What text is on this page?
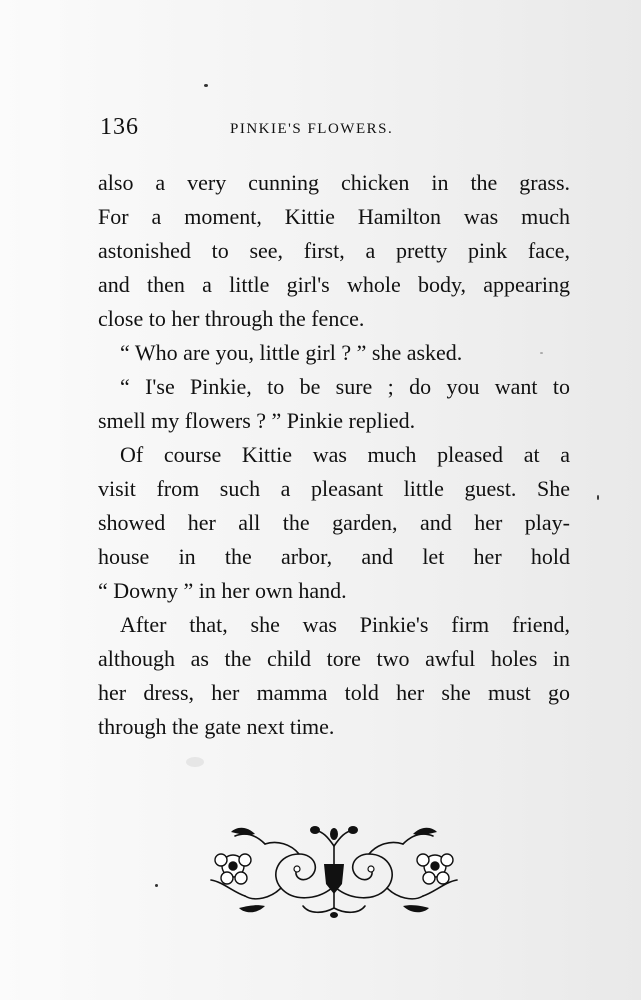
136	PINKIE'S FLOWERS.
also a very cunning chicken in the grass.
For a moment, Kittie Hamilton was much
astonished to see, first, a pretty pink face,
and then a little girl's whole body, appearing
close to her through the fence.
“ Who are you, little girl ? ” she asked.
“ I'se Pinkie, to be sure ; do you want to
smell my flowers ? ” Pinkie replied.
Of course Kittie was much pleased at a
visit from such a pleasant little guest. She
showed her all the garden, and her play-
house in the arbor, and let her hold
“ Downy ” in her own hand.
After that, she was Pinkie's firm friend,
although as the child tore two awful holes in
her dress, her mamma told her she must go
through the gate next time.
